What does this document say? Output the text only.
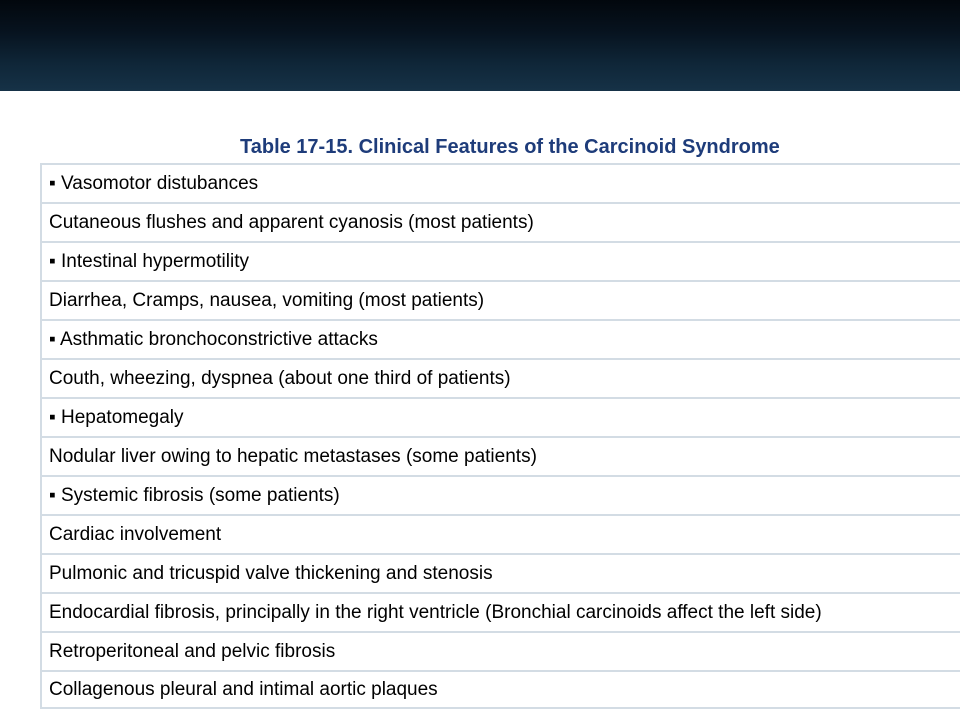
Table 17-15. Clinical Features of the Carcinoid Syndrome
▪ Vasomotor distubances
Cutaneous flushes and apparent cyanosis (most patients)
▪ Intestinal hypermotility
Diarrhea, Cramps, nausea, vomiting (most patients)
▪ Asthmatic bronchoconstrictive attacks
Couth, wheezing, dyspnea (about one third of patients)
▪ Hepatomegaly
Nodular liver owing to hepatic metastases (some patients)
▪ Systemic fibrosis (some patients)
Cardiac involvement
Pulmonic and tricuspid valve thickening and stenosis
Endocardial fibrosis, principally in the right ventricle (Bronchial carcinoids affect the left side)
Retroperitoneal and pelvic fibrosis
Collagenous pleural and intimal aortic plaques
